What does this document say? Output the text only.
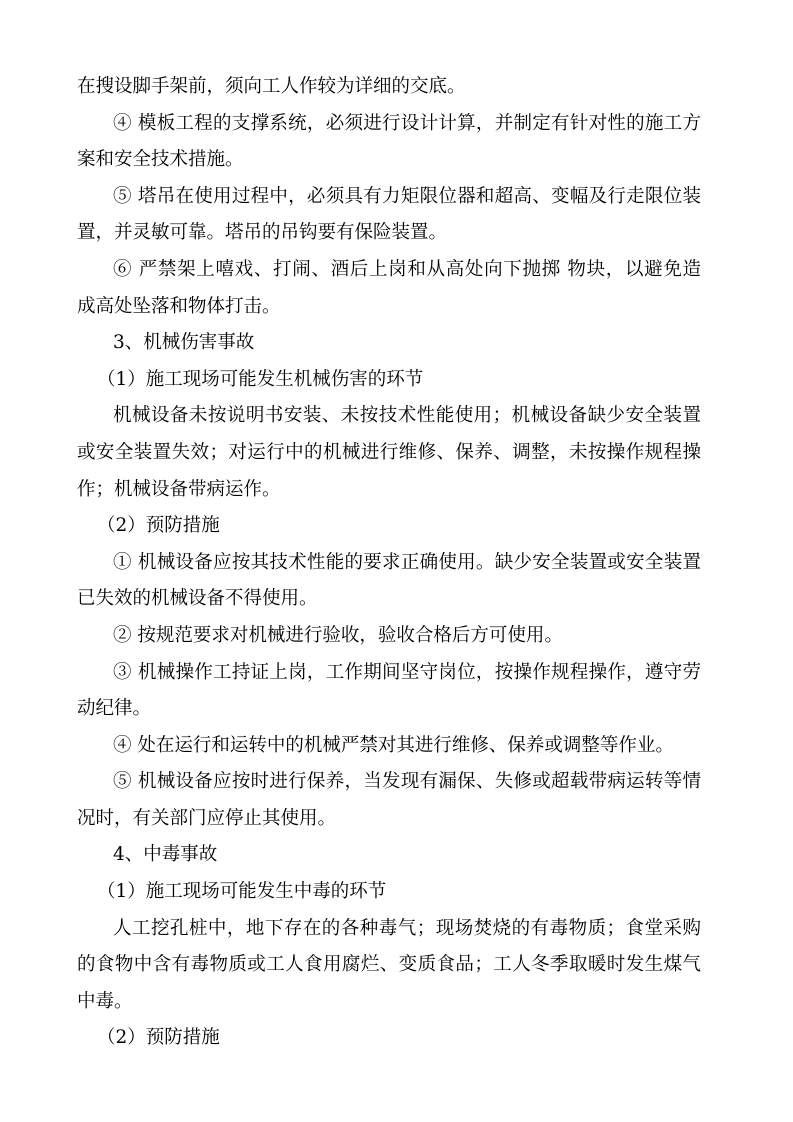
在搜设脚手架前，须向工人作较为详细的交底。
④ 模板工程的支撑系统，必须进行设计计算，并制定有针对性的施工方
案和安全技术措施。
⑤ 塔吊在使用过程中，必须具有力矩限位器和超高、变幅及行走限位装
置，并灵敏可靠。塔吊的吊钩要有保险装置。
⑥ 严禁架上嘻戏、打闹、酒后上岗和从高处向下抛掷 物块，以避免造
成高处坠落和物体打击。
3、机械伤害事故
（1）施工现场可能发生机械伤害的环节
机械设备未按说明书安装、未按技术性能使用；机械设备缺少安全装置
或安全装置失效；对运行中的机械进行维修、保养、调整，未按操作规程操
作；机械设备带病运作。
（2）预防措施
① 机械设备应按其技术性能的要求正确使用。缺少安全装置或安全装置
已失效的机械设备不得使用。
② 按规范要求对机械进行验收，验收合格后方可使用。
③ 机械操作工持证上岗，工作期间坚守岗位，按操作规程操作，遵守劳
动纪律。
④ 处在运行和运转中的机械严禁对其进行维修、保养或调整等作业。
⑤ 机械设备应按时进行保养，当发现有漏保、失修或超载带病运转等情
况时，有关部门应停止其使用。
4、中毒事故
（1）施工现场可能发生中毒的环节
人工挖孔桩中，地下存在的各种毒气；现场焚烧的有毒物质；食堂采购
的食物中含有毒物质或工人食用腐烂、变质食品；工人冬季取暖时发生煤气
中毒。
（2）预防措施
